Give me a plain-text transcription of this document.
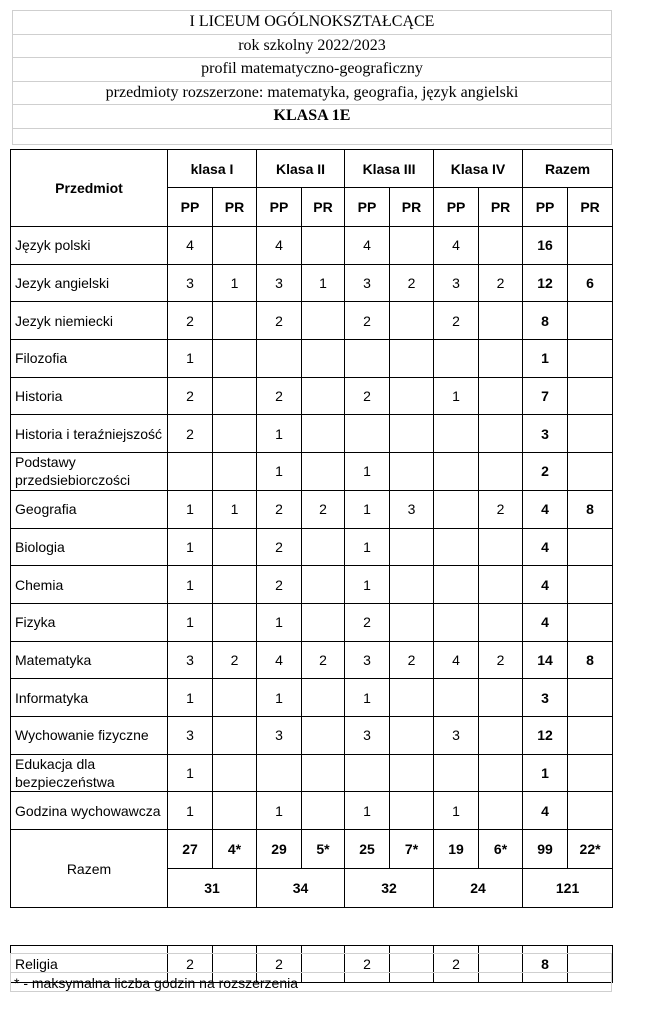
I LICEUM OGÓLNOKSZTAŁCĄCE
rok szkolny 2022/2023
profil matematyczno-geograficzny
przedmioty rozszerzone: matematyka, geografia, język angielski
KLASA 1E

Przedmiot	klasa I		Klasa II		Klasa III		Klasa IV		Razem	
	PP	PR	PP	PR	PP	PR	PP	PR	PP	PR
Język polski	4		4		4		4		16	
Jezyk angielski	3	1	3	1	3	2	3	2	12	6
Jezyk niemiecki	2		2		2		2		8	
Filozofia	1								1	
Historia	2		2		2		1		7	
Historia i teraźniejszość	2		1						3	
Podstawy przedsiebiorczości			1		1				2	
Geografia	1	1	2	2	1	3		2	4	8
Biologia	1		2		1				4	
Chemia	1		2		1				4	
Fizyka	1		1		2				4	
Matematyka	3	2	4	2	3	2	4	2	14	8
Informatyka	1		1		1				3	
Wychowanie fizyczne	3		3		3		3		12	
Edukacja dla bezpieczeństwa	1								1	
Godzina wychowawcza	1		1		1		1		4	
Razem	27	4*	29	5*	25	7*	19	6*	99	22*
	31		34		32		24		121	

Religia	2		2		2		2		8	
* - maksymalna liczba godzin na rozszerzenia
